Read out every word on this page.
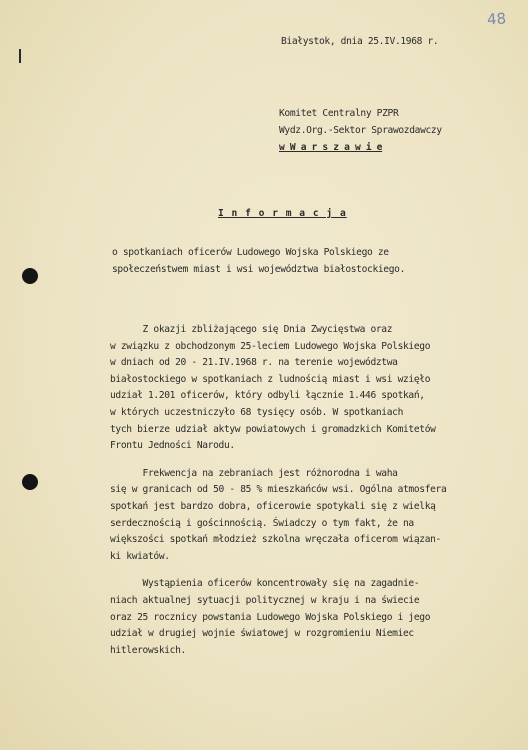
48
Białystok, dnia 25.IV.1968 r.
Komitet Centralny PZPR
Wydz.Org.-Sektor Sprawozdawczy
w W a r s z a w i e
I n f o r m a c j a
o spotkaniach oficerów Ludowego Wojska Polskiego ze
społeczeństwem miast i wsi województwa białostockiego.
Z okazji zbliżającego się Dnia Zwycięstwa oraz
w związku z obchodzonym 25-leciem Ludowego Wojska Polskiego
w dniach od 20 - 21.IV.1968 r. na terenie województwa
białostockiego w spotkaniach z ludnością miast i wsi wzięło
udział 1.201 oficerów, który odbyli łącznie 1.446 spotkań,
w których uczestniczyło 68 tysięcy osób. W spotkaniach
tych bierze udział aktyw powiatowych i gromadzkich Komitetów
Frontu Jedności Narodu.
Frekwencja na zebraniach jest różnorodna i waha
się w granicach od 50 - 85 % mieszkańców wsi. Ogólna atmosfera
spotkań jest bardzo dobra, oficerowie spotykali się z wielką
serdecznością i gościnnością. Świadczy o tym fakt, że na
większości spotkań młodzież szkolna wręczała oficerom wiązan-
ki kwiatów.
Wystąpienia oficerów koncentrowały się na zagadnie-
niach aktualnej sytuacji politycznej w kraju i na świecie
oraz 25 rocznicy powstania Ludowego Wojska Polskiego i jego
udział w drugiej wojnie światowej w rozgromieniu Niemiec
hitlerowskich.
